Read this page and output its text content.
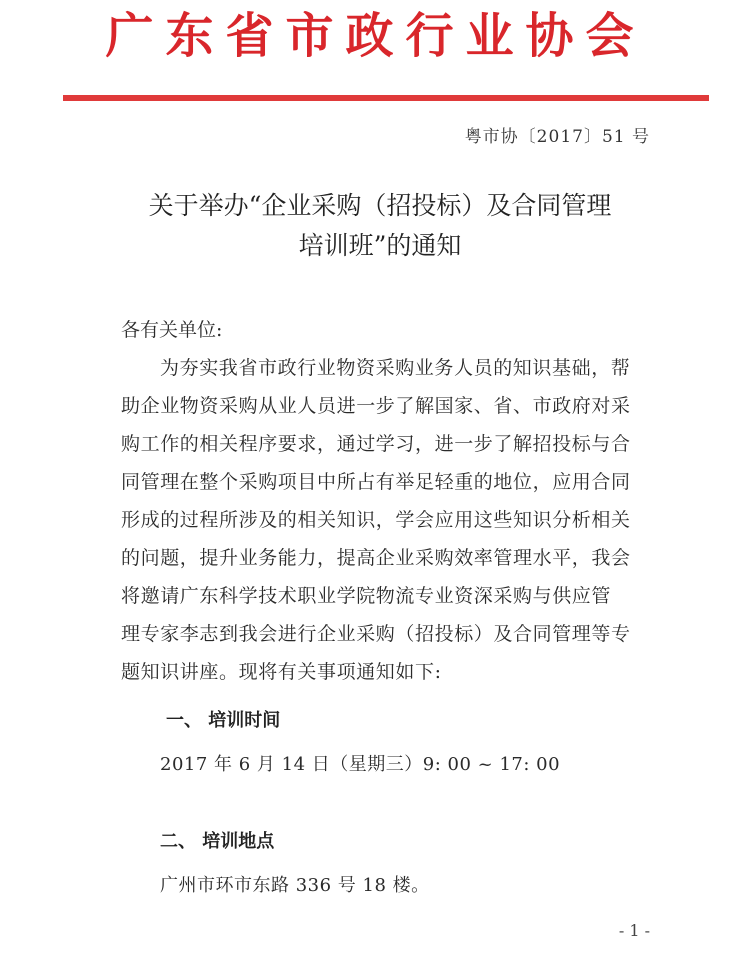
广东省市政行业协会
粤市协〔2017〕51 号
关于举办“企业采购（招投标）及合同管理
培训班”的通知
各有关单位:
为夯实我省市政行业物资采购业务人员的知识基础，帮
助企业物资采购从业人员进一步了解国家、省、市政府对采
购工作的相关程序要求，通过学习，进一步了解招投标与合
同管理在整个采购项目中所占有举足轻重的地位，应用合同
形成的过程所涉及的相关知识，学会应用这些知识分析相关
的问题，提升业务能力，提高企业采购效率管理水平，我会
将邀请广东科学技术职业学院物流专业资深采购与供应管
理专家李志到我会进行企业采购（招投标）及合同管理等专
题知识讲座。现将有关事项通知如下:
一、 培训时间
2017 年 6 月 14 日（星期三）9: 00 ~ 17: 00
二、 培训地点
广州市环市东路 336 号 18 楼。
- 1 -
